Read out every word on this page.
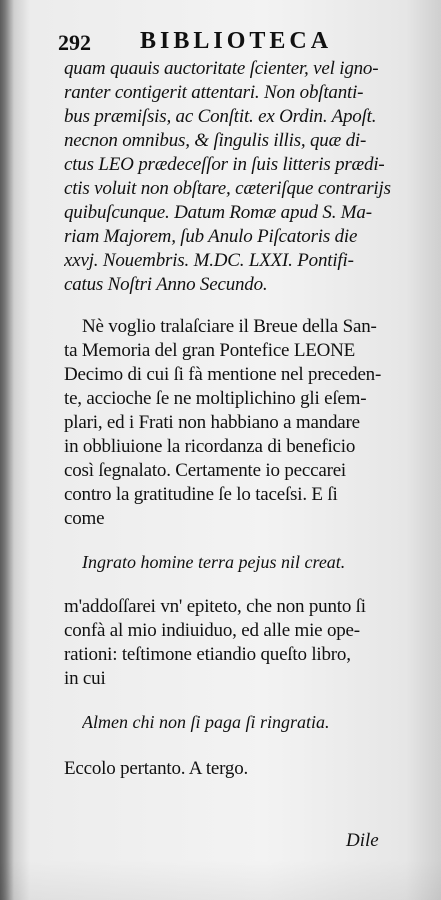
292 BIBLIOTECA
quam quauis auctoritate ſcienter, vel igno-
ranter contigerit attentari. Non obſtanti-
bus præmiſsis, ac Conſtit. ex Ordin. Apoſt.
necnon omnibus, & ſingulis illis, quæ di-
ctus LEO prædeceſſor in ſuis litteris prædi-
ctis voluit non obſtare, cæteriſque contrarijs
quibuſcunque. Datum Romæ apud S. Ma-
riam Majorem, ſub Anulo Piſcatoris die
xxvj. Nouembris. M.DC. LXXI. Pontifi-
catus Noſtri Anno Secundo.
Nè voglio tralaſciare il Breue della San-
ta Memoria del gran Pontefice LEONE
Decimo di cui ſi fà mentione nel preceden-
te, accioche ſe ne moltiplichino gli eſem-
plari, ed i Frati non habbiano a mandare
in obbliuione la ricordanza di beneficio
così ſegnalato. Certamente io peccarei
contro la gratitudine ſe lo taceſsi. E ſi
come
Ingrato homine terra pejus nil creat.
m'addoſſarei vn' epiteto, che non punto ſi
confà al mio indiuiduo, ed alle mie ope-
rationi: teſtimone etiandio queſto libro,
in cui
Almen chi non ſi paga ſi ringratia.
Eccolo pertanto. A tergo.
Dile
